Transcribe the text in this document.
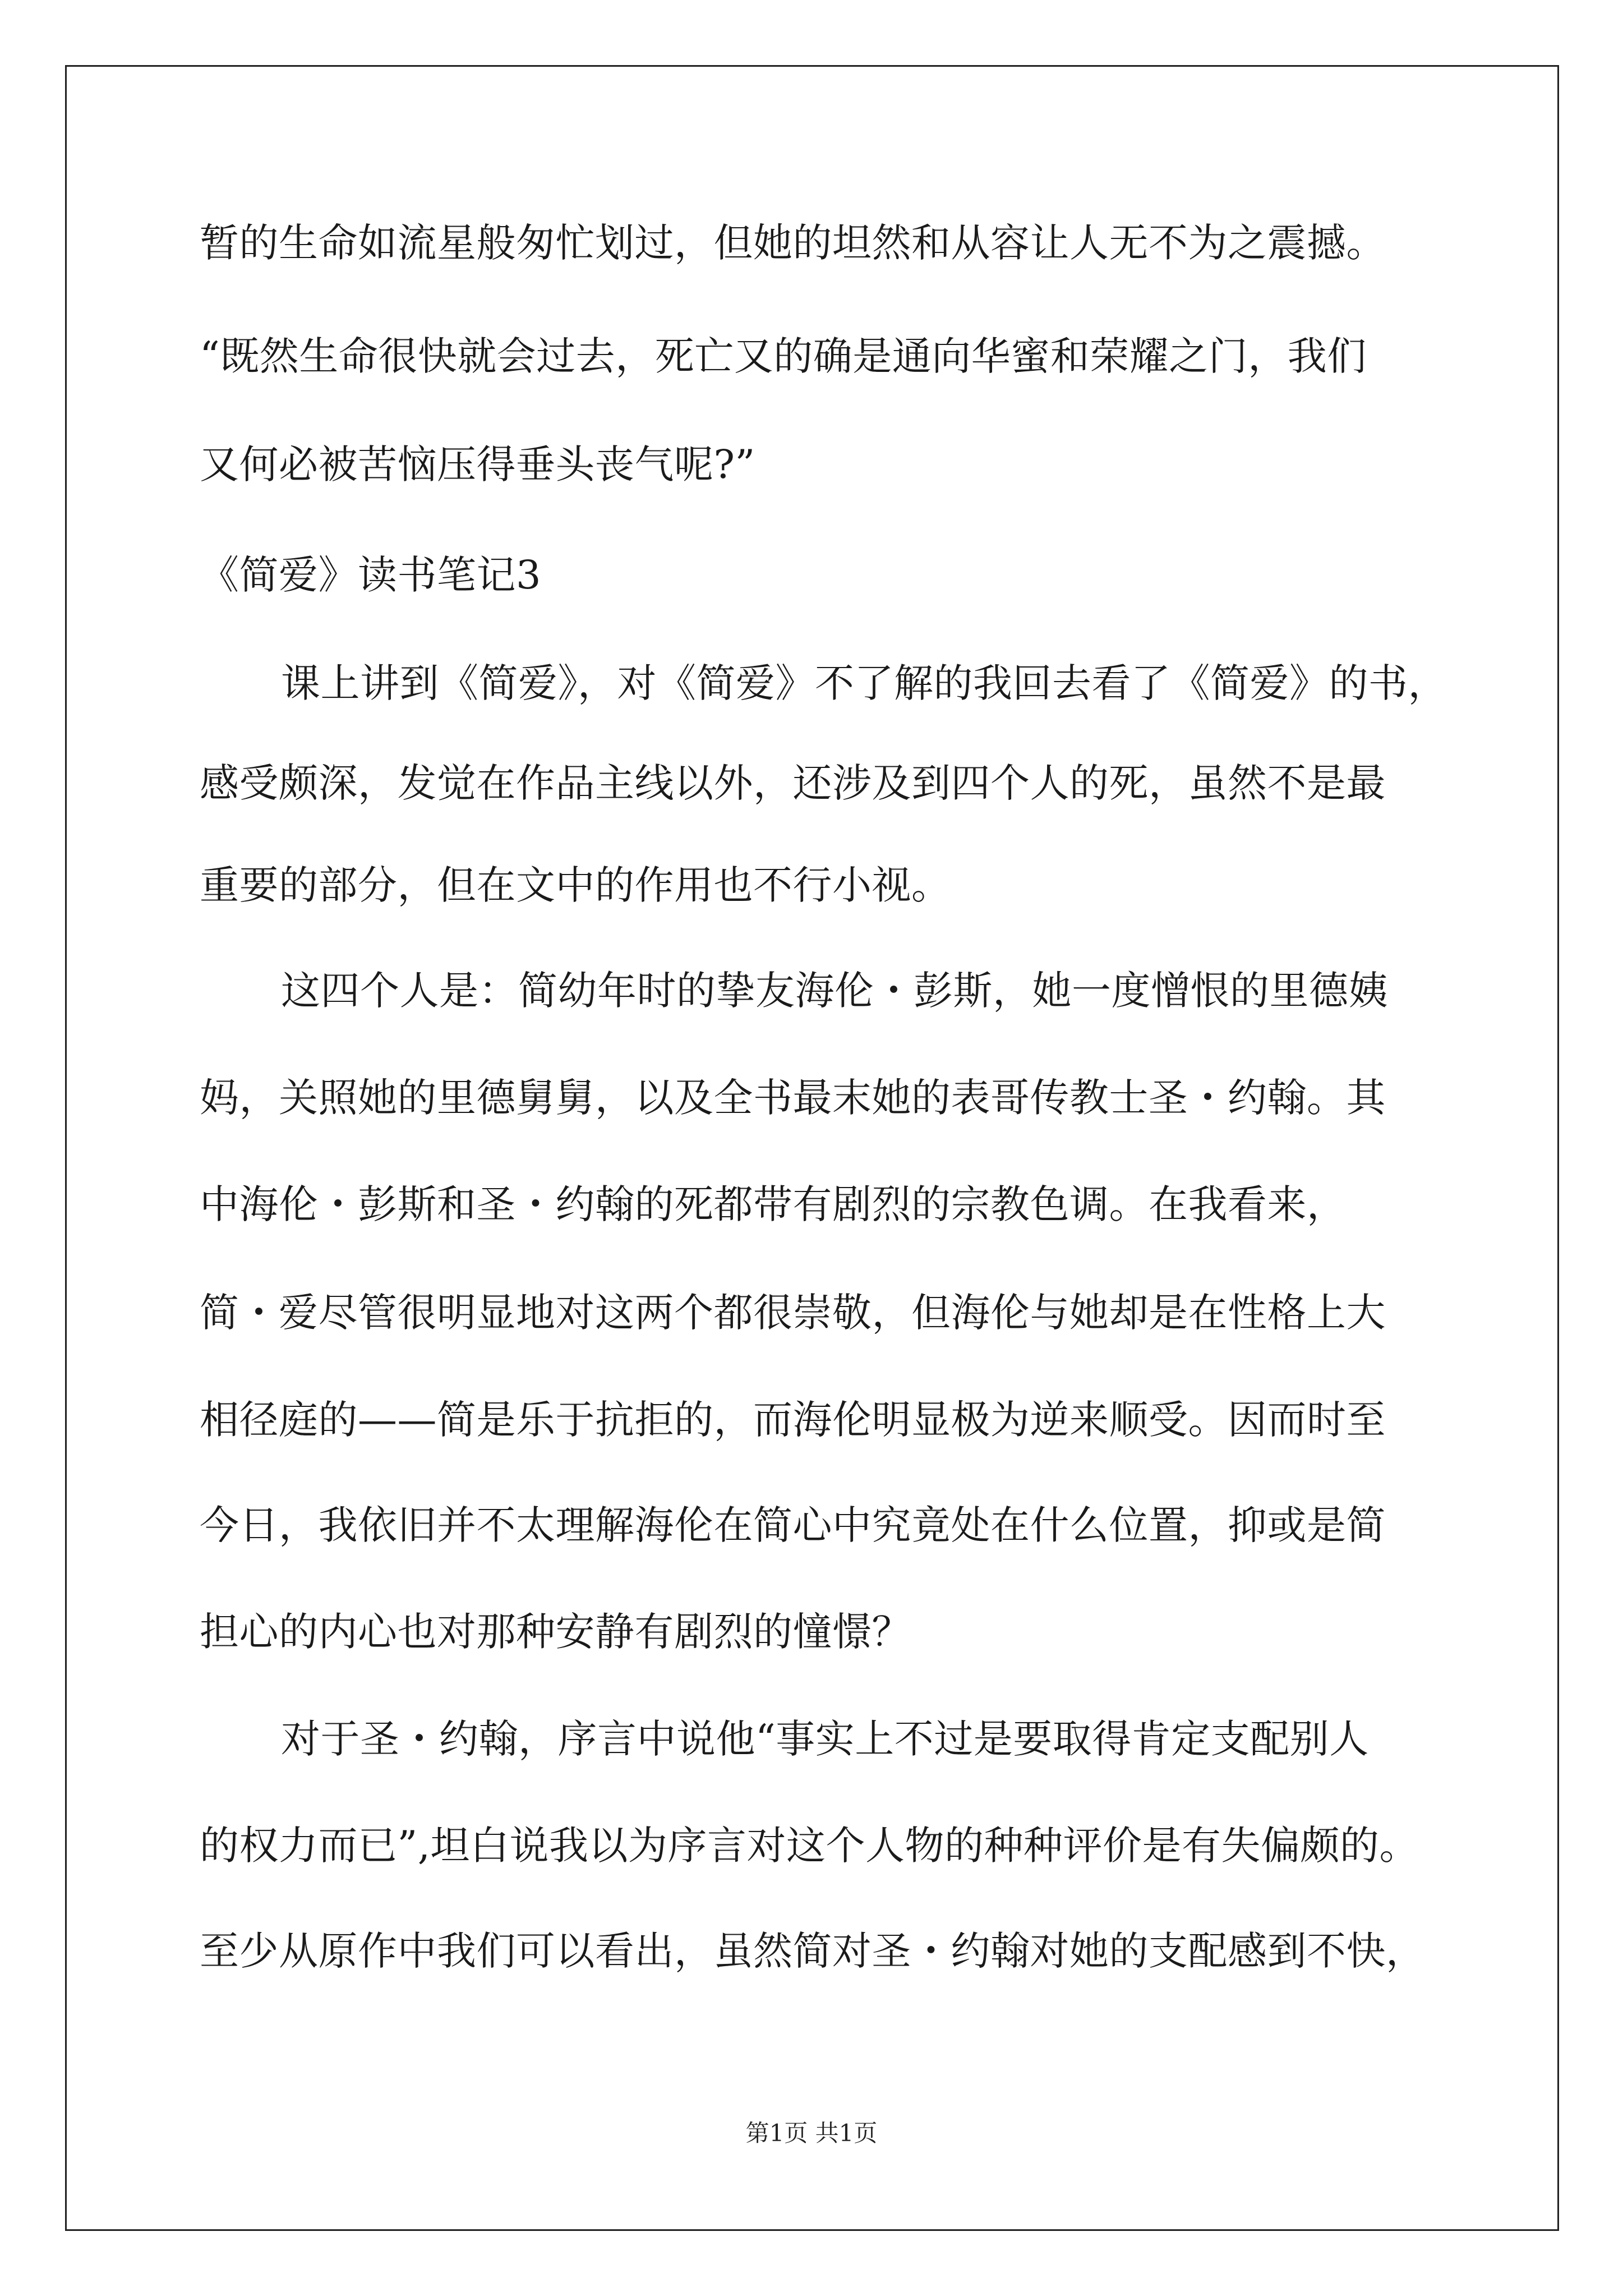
暂的生命如流星般匆忙划过，但她的坦然和从容让人无不为之震撼。
“既然生命很快就会过去，死亡又的确是通向华蜜和荣耀之门，我们
又何必被苦恼压得垂头丧气呢?”
《简爱》读书笔记3
课上讲到《简爱》，对《简爱》不了解的我回去看了《简爱》的书，
感受颇深，发觉在作品主线以外，还涉及到四个人的死，虽然不是最
重要的部分，但在文中的作用也不行小视。
这四个人是：简幼年时的挚友海伦・彭斯，她一度憎恨的里德姨
妈，关照她的里德舅舅，以及全书最末她的表哥传教士圣・约翰。其
中海伦・彭斯和圣・约翰的死都带有剧烈的宗教色调。在我看来，
简・爱尽管很明显地对这两个都很崇敬，但海伦与她却是在性格上大
相径庭的——简是乐于抗拒的，而海伦明显极为逆来顺受。因而时至
今日，我依旧并不太理解海伦在简心中究竟处在什么位置，抑或是简
担心的内心也对那种安静有剧烈的憧憬？
对于圣・约翰，序言中说他“事实上不过是要取得肯定支配别人
的权力而已”,坦白说我以为序言对这个人物的种种评价是有失偏颇的。
至少从原作中我们可以看出，虽然简对圣・约翰对她的支配感到不快，
第1页 共1页
